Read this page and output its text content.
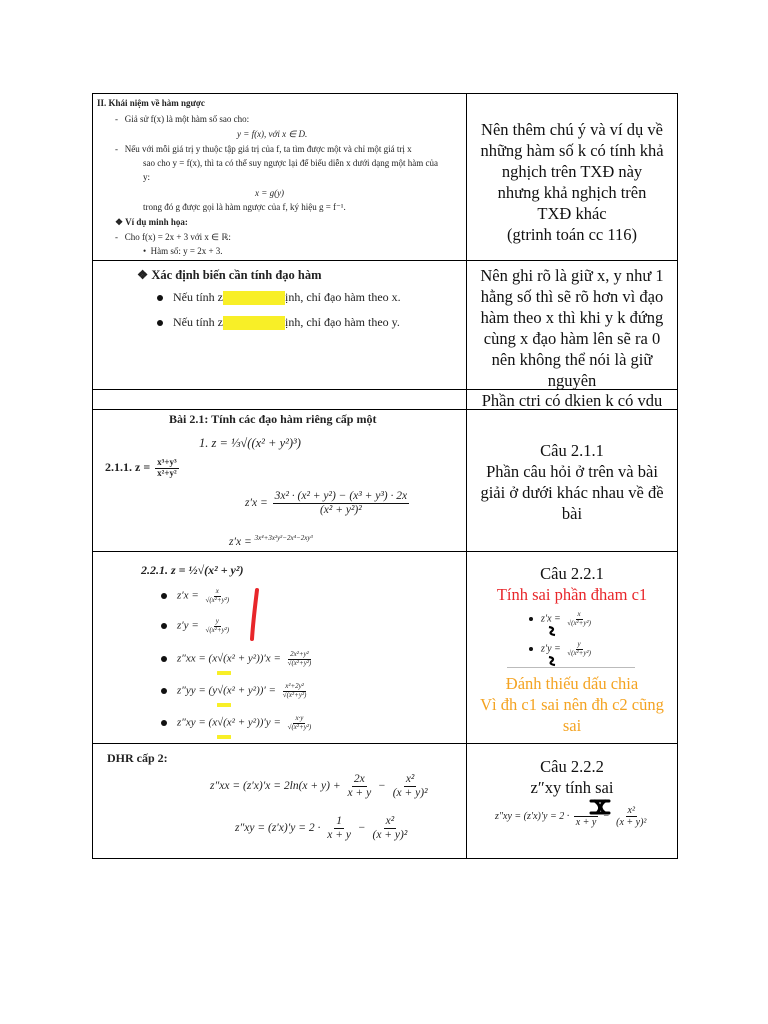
II. Khái niệm về hàm ngược
-   Giả sử f(x) là một hàm số sao cho:
y = f(x), với x ∈ D.
-   Nếu với mỗi giá trị y thuộc tập giá trị của f, ta tìm được một và chỉ một giá trị x
sao cho y = f(x), thì ta có thể suy ngược lại để biểu diễn x dưới dạng một hàm của
y:
x = g(y)
trong đó g được gọi là hàm ngược của f, ký hiệu g = f⁻¹.
❖ Ví dụ minh họa:
-   Cho f(x) = 2x + 3 với x ∈ ℝ:
•  Hàm số: y = 2x + 3.
Nên thêm chú ý và ví dụ về
những hàm số k có tính khả
nghịch trên TXĐ này
nhưng khả nghịch trên
TXĐ khác
(gtrinh toán cc 116)
❖ Xác định biến cần tính đạo hàm
Nếu tính z	ịnh, chỉ đạo hàm theo x.
Nếu tính z	ịnh, chỉ đạo hàm theo y.
Nên ghi rõ là giữ x, y như 1
hằng số thì sẽ rõ hơn vì đạo
hàm theo x thì khi y k đứng
cùng x đạo hàm lên sẽ ra 0
nên không thể nói là giữ
nguyên
Phần ctri có dkien k có vdu
Bài 2.1: Tính các đạo hàm riêng cấp một
1. z = ⅓√((x² + y²)³)
2.1.1. $z = \frac{\text{x³+y³}}{\text{x²+y²}}$
$z'x = \frac{\text{3x² · (x² + y²) − (x³ + y³) · 2x}}{\text{(x² + y²)²}}$
z′x = $^{3x^4+3x^2y^2-2x^4-2xy^3}$
Câu 2.1.1
Phần câu hỏi ở trên và bài
giải ở dưới khác nhau về đề
bài
2.2.1. z = ½√(x² + y²)
$z'x = \frac{x}{\text{√(x²+y²)}}$
$z'y = \frac{y}{\text{√(x²+y²)}}$
$z''xx = (x√(x^2 + y^2))'x = \frac{\text{2x²+y²}}{\text{√(x²+y²)}}$
$z''yy = (y√(x^2 + y^2))' = \frac{\text{x²+2y²}}{\text{√(x²+y²)}}$
$z''xy = (x√(x^2 + y^2))'y = \frac{x\cdot y}{\text{√(x²+y²)}}$
Câu 2.2.1
Tính sai phần đham c1
$z'x = \frac{x}{\text{√(x²+y²)}}$
$z'y = \frac{y}{\text{√(x²+y²)}}$
Đánh thiếu dấu chia
Vì đh c1 sai nên đh c2 cũng
sai
DHR cấp 2:
$z''xx = (z'x)'x = 2\ln(x + y) + \frac{2x}{x + y} - \frac{\text{x²}}{\text{(x + y)²}}$
$z''xy = (z'x)'y = 2 \cdot \frac{1}{x + y} - \frac{\text{x²}}{\text{(x + y)²}}$
Câu 2.2.2
z″xy tính sai
z″xy = (z′x)′y = 2 ·
x + y
− $\frac{\text{x²}}{\text{(x + y)²}}$
